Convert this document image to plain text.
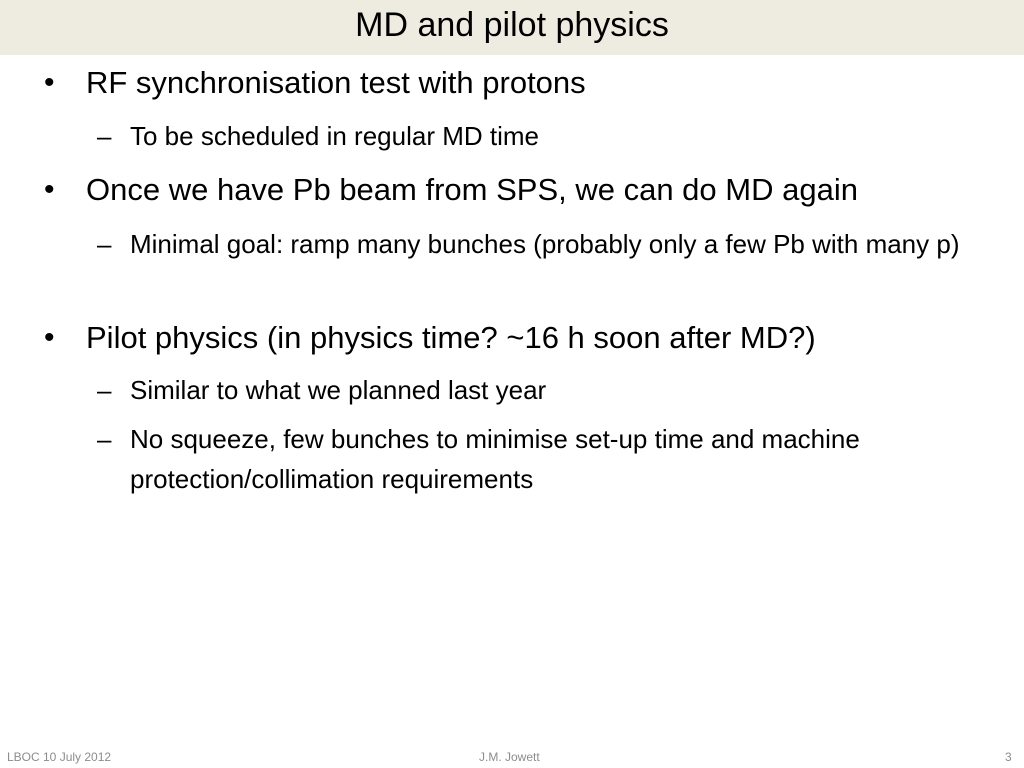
MD and pilot physics
• RF synchronisation test with protons
– To be scheduled in regular MD time
• Once we have Pb beam from SPS, we can do MD again
– Minimal goal: ramp many bunches (probably only a few Pb with many p)
• Pilot physics (in physics time? ~16 h soon after MD?)
– Similar to what we planned last year
– No squeeze, few bunches to minimise set-up time and machine protection/collimation requirements
LBOC 10 July 2012	J.M. Jowett	3
